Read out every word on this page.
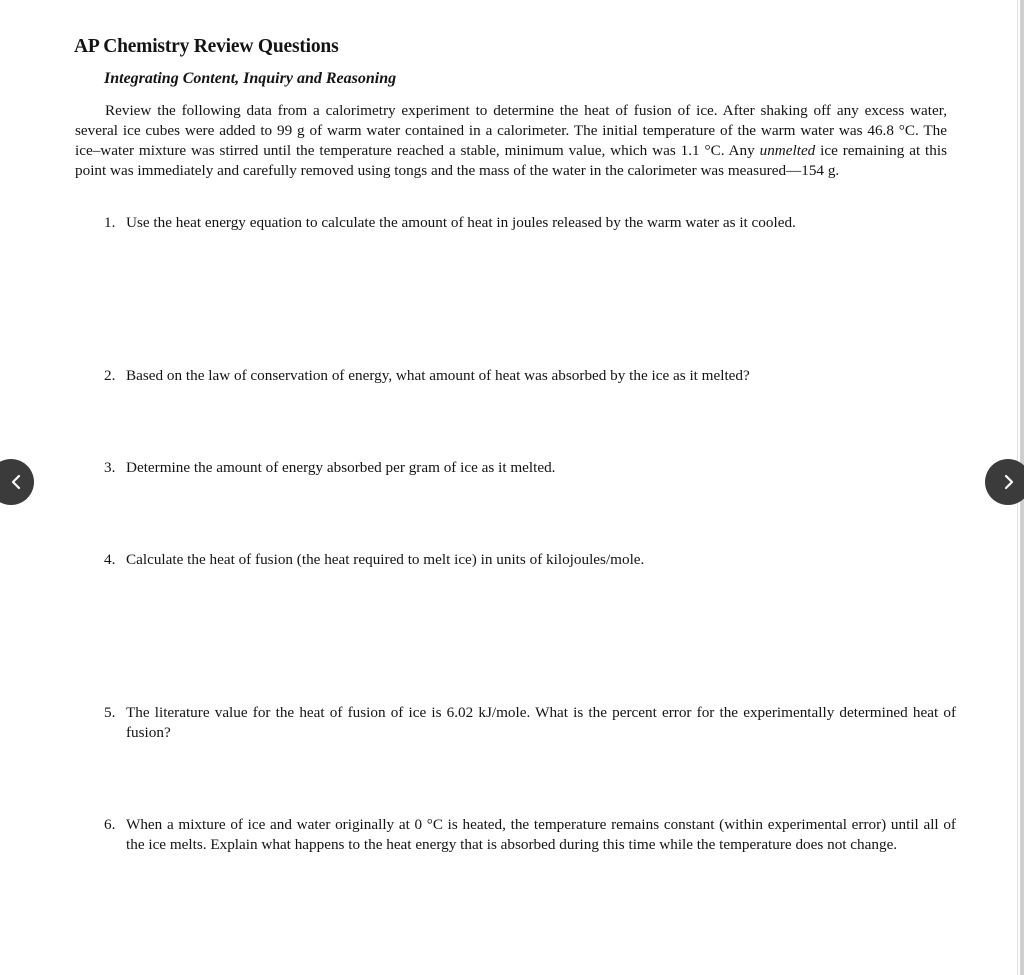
AP Chemistry Review Questions
Integrating Content, Inquiry and Reasoning
Review the following data from a calorimetry experiment to determine the heat of fusion of ice. After shaking off any excess water, several ice cubes were added to 99 g of warm water contained in a calorimeter. The initial temperature of the warm water was 46.8 °C. The ice–water mixture was stirred until the temperature reached a stable, minimum value, which was 1.1 °C. Any unmelted ice remaining at this point was immediately and carefully removed using tongs and the mass of the water in the calorimeter was measured—154 g.
1. Use the heat energy equation to calculate the amount of heat in joules released by the warm water as it cooled.
2. Based on the law of conservation of energy, what amount of heat was absorbed by the ice as it melted?
3. Determine the amount of energy absorbed per gram of ice as it melted.
4. Calculate the heat of fusion (the heat required to melt ice) in units of kilojoules/mole.
5. The literature value for the heat of fusion of ice is 6.02 kJ/mole. What is the percent error for the experimentally determined heat of fusion?
6. When a mixture of ice and water originally at 0 °C is heated, the temperature remains constant (within experimental error) until all of the ice melts. Explain what happens to the heat energy that is absorbed during this time while the temperature does not change.
